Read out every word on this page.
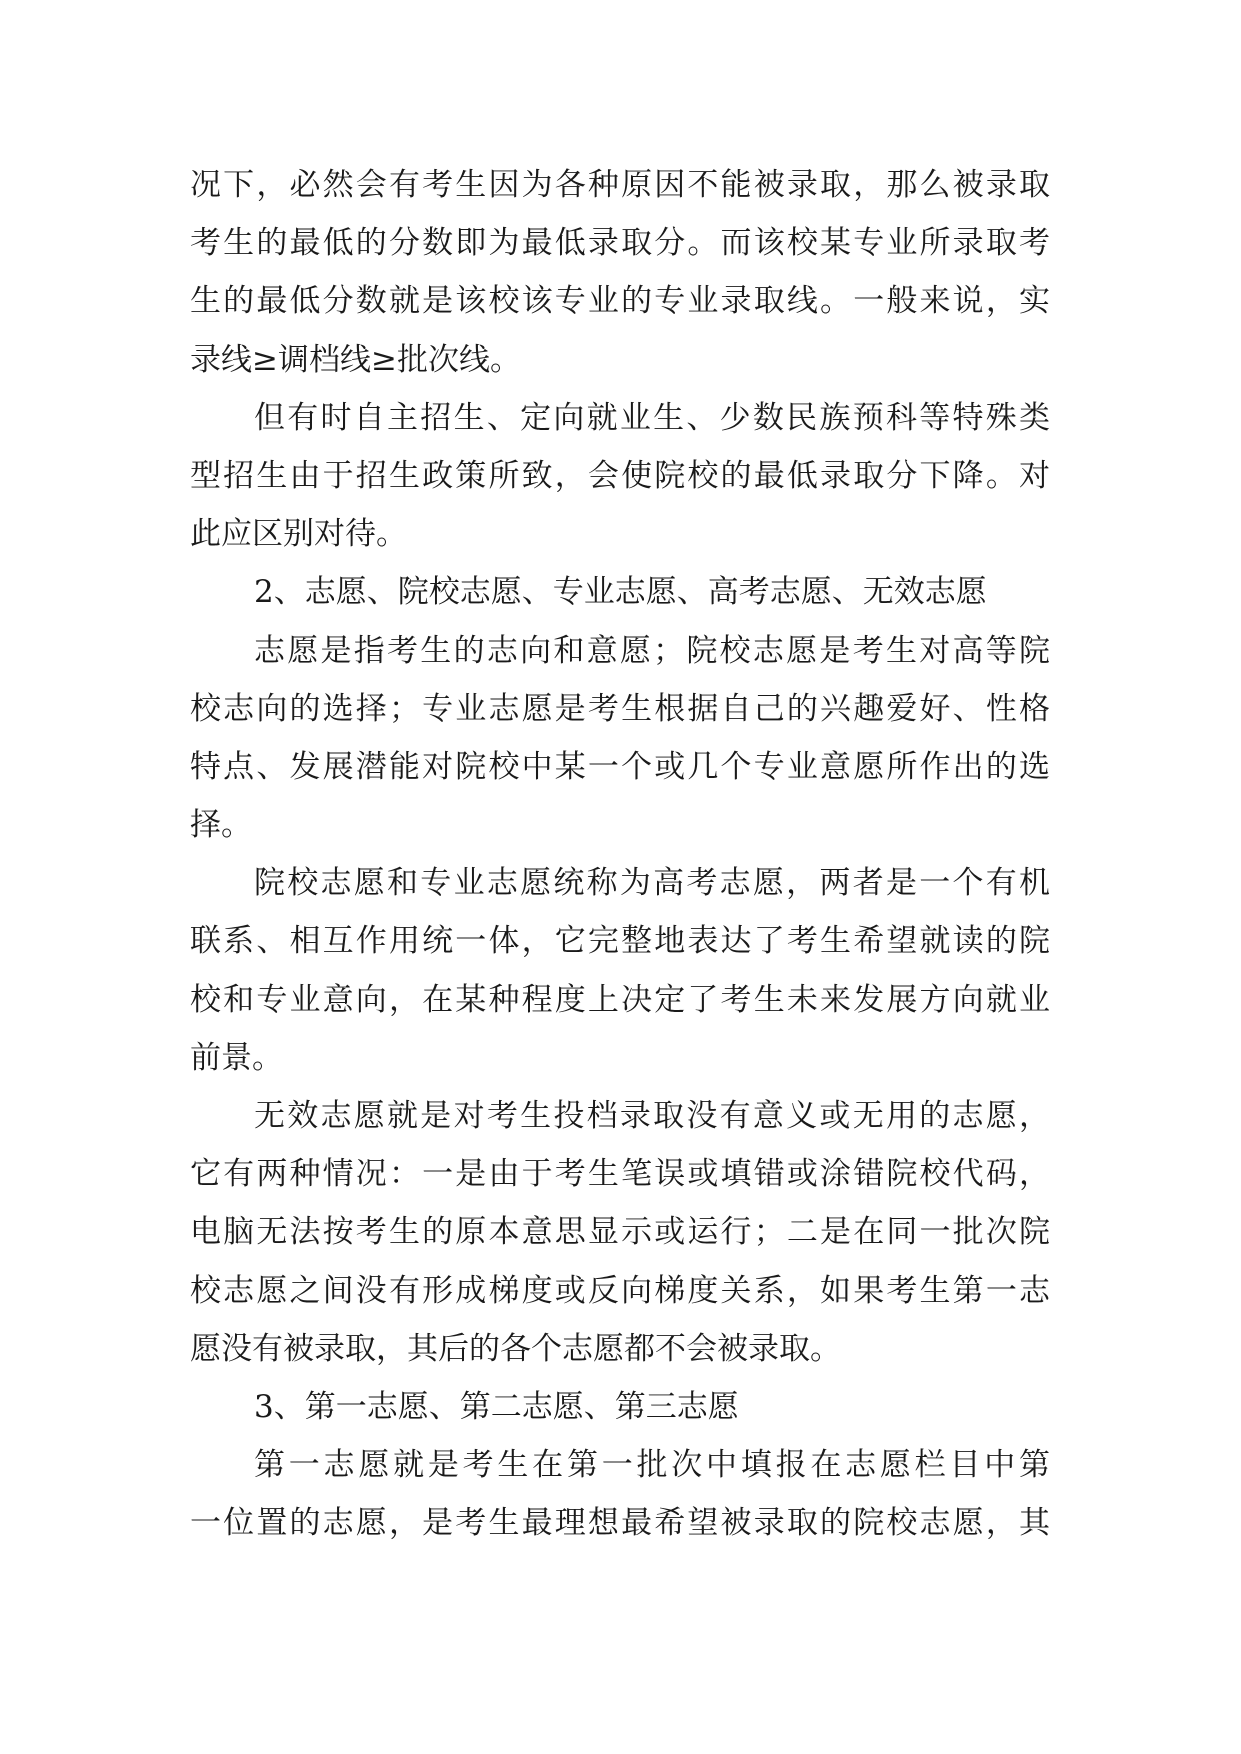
况下，必然会有考生因为各种原因不能被录取，那么被录取
考生的最低的分数即为最低录取分。而该校某专业所录取考
生的最低分数就是该校该专业的专业录取线。一般来说，实
录线≥调档线≥批次线。
但有时自主招生、定向就业生、少数民族预科等特殊类
型招生由于招生政策所致，会使院校的最低录取分下降。对
此应区别对待。
2、志愿、院校志愿、专业志愿、高考志愿、无效志愿
志愿是指考生的志向和意愿；院校志愿是考生对高等院
校志向的选择；专业志愿是考生根据自己的兴趣爱好、性格
特点、发展潜能对院校中某一个或几个专业意愿所作出的选
择。
院校志愿和专业志愿统称为高考志愿，两者是一个有机
联系、相互作用统一体，它完整地表达了考生希望就读的院
校和专业意向，在某种程度上决定了考生未来发展方向就业
前景。
无效志愿就是对考生投档录取没有意义或无用的志愿，
它有两种情况：一是由于考生笔误或填错或涂错院校代码，
电脑无法按考生的原本意思显示或运行；二是在同一批次院
校志愿之间没有形成梯度或反向梯度关系，如果考生第一志
愿没有被录取，其后的各个志愿都不会被录取。
3、第一志愿、第二志愿、第三志愿
第一志愿就是考生在第一批次中填报在志愿栏目中第
一位置的志愿，是考生最理想最希望被录取的院校志愿，其
